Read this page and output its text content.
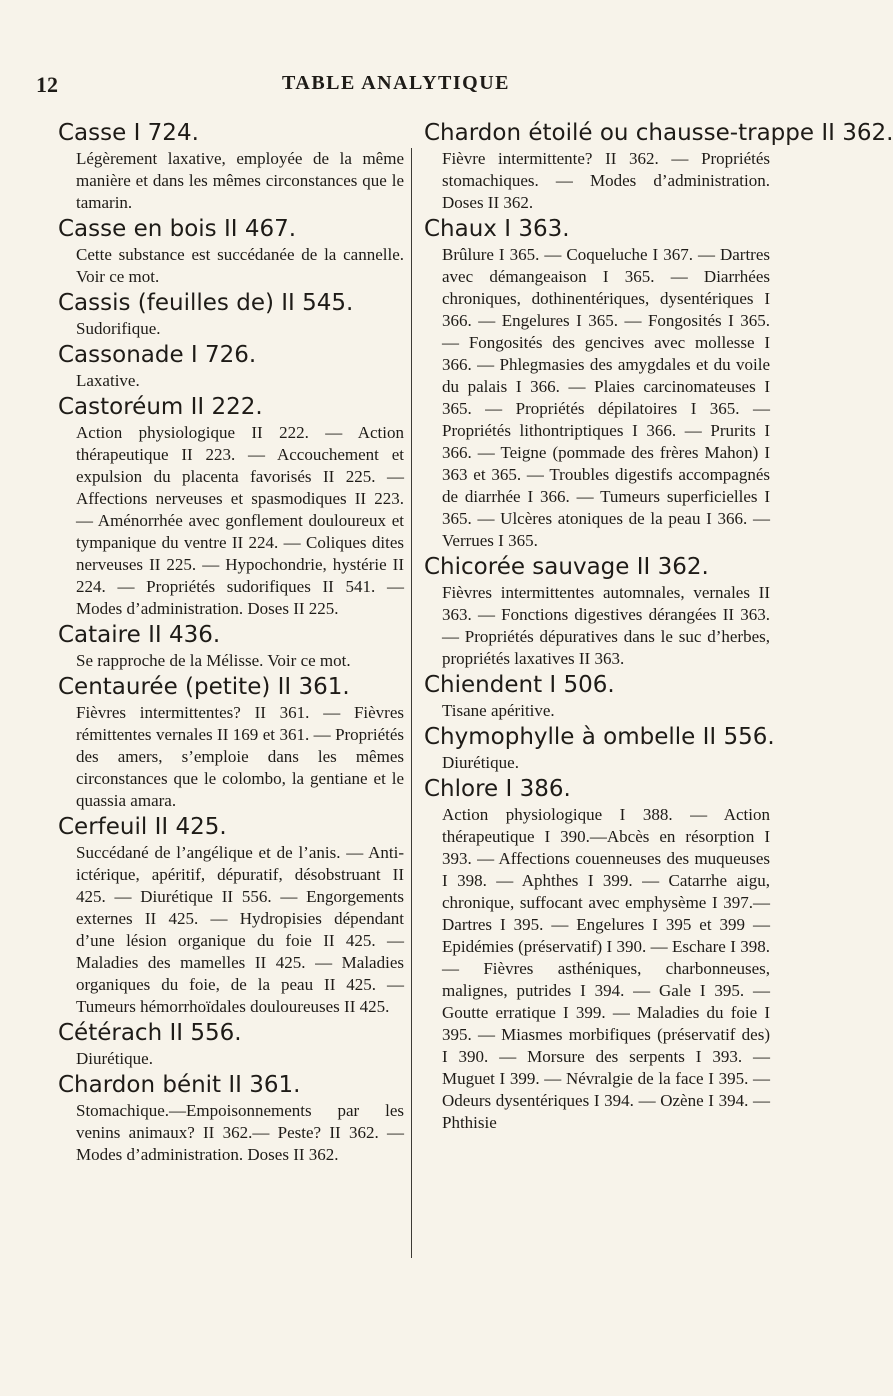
12	TABLE ANALYTIQUE
Casse I 724.
Légèrement laxative, employée de la même manière et dans les mêmes circonstances que le tamarin.
Casse en bois II 467.
Cette substance est succédanée de la cannelle. Voir ce mot.
Cassis (feuilles de) II 545.
Sudorifique.
Cassonade I 726.
Laxative.
Castoréum II 222.
Action physiologique II 222. — Action thérapeutique II 223. — Accouchement et expulsion du placenta favorisés II 225. — Affections nerveuses et spasmodiques II 223. — Aménorrhée avec gonflement douloureux et tympanique du ventre II 224. — Coliques dites nerveuses II 225. — Hypochondrie, hystérie II 224. — Propriétés sudorifiques II 541. — Modes d’administration. Doses II 225.
Cataire II 436.
Se rapproche de la Mélisse. Voir ce mot.
Centaurée (petite) II 361.
Fièvres intermittentes? II 361. — Fièvres rémittentes vernales II 169 et 361. — Propriétés des amers, s’emploie dans les mêmes circonstances que le colombo, la gentiane et le quassia amara.
Cerfeuil II 425.
Succédané de l’angélique et de l’anis. — Anti-ictérique, apéritif, dépuratif, désobstruant II 425. — Diurétique II 556. — Engorgements externes II 425. — Hydropisies dépendant d’une lésion organique du foie II 425. — Maladies des mamelles II 425. — Maladies organiques du foie, de la peau II 425. — Tumeurs hémorrhoïdales douloureuses II 425.
Cétérach II 556.
Diurétique.
Chardon bénit II 361.
Stomachique.—Empoisonnements par les venins animaux? II 362.— Peste? II 362. — Modes d’administration. Doses II 362.
Chardon étoilé ou chausse-trappe II 362.
Fièvre intermittente? II 362. — Propriétés stomachiques. — Modes d’administration. Doses II 362.
Chaux I 363.
Brûlure I 365. — Coqueluche I 367. — Dartres avec démangeaison I 365. — Diarrhées chroniques, dothinentériques, dysentériques I 366. — Engelures I 365. — Fongosités I 365. — Fongosités des gencives avec mollesse I 366. — Phlegmasies des amygdales et du voile du palais I 366. — Plaies carcinomateuses I 365. — Propriétés dépilatoires I 365. — Propriétés lithontriptiques I 366. — Prurits I 366. — Teigne (pommade des frères Mahon) I 363 et 365. — Troubles digestifs accompagnés de diarrhée I 366. — Tumeurs superficielles I 365. — Ulcères atoniques de la peau I 366. — Verrues I 365.
Chicorée sauvage II 362.
Fièvres intermittentes automnales, vernales II 363. — Fonctions digestives dérangées II 363. — Propriétés dépuratives dans le suc d’herbes, propriétés laxatives II 363.
Chiendent I 506.
Tisane apéritive.
Chymophylle à ombelle II 556.
Diurétique.
Chlore I 386.
Action physiologique I 388. — Action thérapeutique I 390.—Abcès en résorption I 393. — Affections couenneuses des muqueuses I 398. — Aphthes I 399. — Catarrhe aigu, chronique, suffocant avec emphysème I 397.—Dartres I 395. — Engelures I 395 et 399 — Epidémies (préservatif) I 390. — Eschare I 398. — Fièvres asthéniques, charbonneuses, malignes, putrides I 394. — Gale I 395. — Goutte erratique I 399. — Maladies du foie I 395. — Miasmes morbifiques (préservatif des) I 390. — Morsure des serpents I 393. — Muguet I 399. — Névralgie de la face I 395. — Odeurs dysentériques I 394. — Ozène I 394. — Phthisie
